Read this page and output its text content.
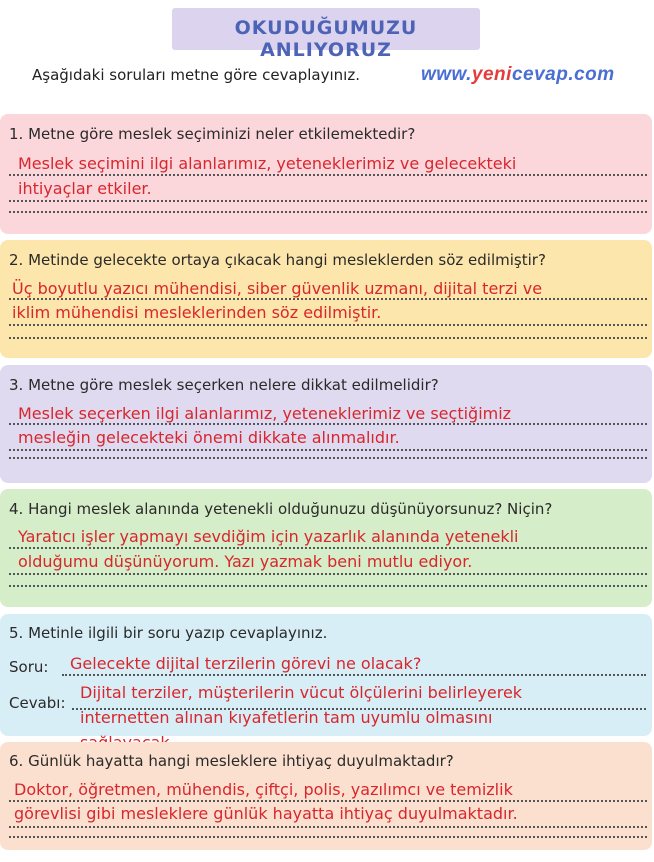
OKUDUĞUMUZU ANLIYORUZ
Aşağıdaki soruları metne göre cevaplayınız.	www.yenicevap.com
1. Metne göre meslek seçiminizi neler etkilemektedir?
Meslek seçimini ilgi alanlarımız, yeteneklerimiz ve gelecekteki
ihtiyaçlar etkiler.
2. Metinde gelecekte ortaya çıkacak hangi mesleklerden söz edilmiştir?
Üç boyutlu yazıcı mühendisi, siber güvenlik uzmanı, dijital terzi ve
iklim mühendisi mesleklerinden söz edilmiştir.
3. Metne göre meslek seçerken nelere dikkat edilmelidir?
Meslek seçerken ilgi alanlarımız, yeteneklerimiz ve seçtiğimiz
mesleğin gelecekteki önemi dikkate alınmalıdır.
4. Hangi meslek alanında yetenekli olduğunuzu düşünüyorsunuz? Niçin?
Yaratıcı işler yapmayı sevdiğim için yazarlık alanında yetenekli
olduğumu düşünüyorum. Yazı yazmak beni mutlu ediyor.
5. Metinle ilgili bir soru yazıp cevaplayınız.
Soru: Gelecekte dijital terzilerin görevi ne olacak?
Cevabı:
Dijital terziler, müşterilerin vücut ölçülerini belirleyerek
internetten alınan kıyafetlerin tam uyumlu olmasını
6. Günlük hayatta hangi mesleklere ihtiyaç duyulmaktadır?
Doktor, öğretmen, mühendis, çiftçi, polis, yazılımcı ve temizlik
görevlisi gibi mesleklere günlük hayatta ihtiyaç duyulmaktadır.
